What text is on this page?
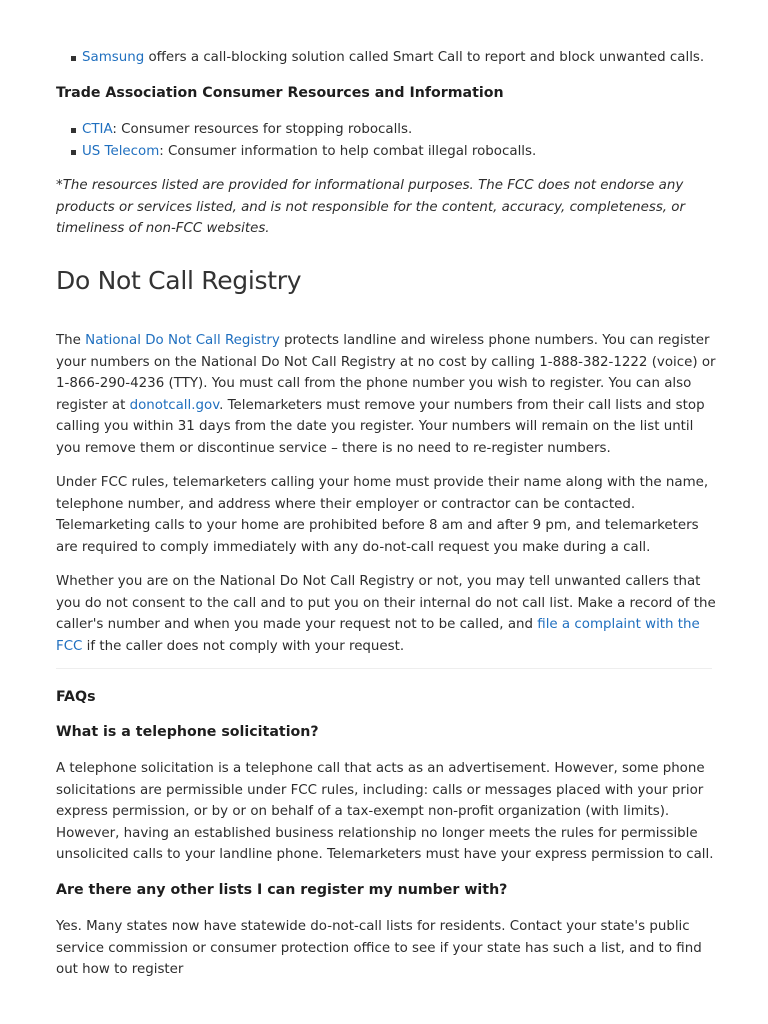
Samsung offers a call-blocking solution called Smart Call to report and block unwanted calls.
Trade Association Consumer Resources and Information
CTIA: Consumer resources for stopping robocalls.
US Telecom: Consumer information to help combat illegal robocalls.

*The resources listed are provided for informational purposes. The FCC does not endorse any products or services listed, and is not responsible for the content, accuracy, completeness, or timeliness of non-FCC websites.

Do Not Call Registry

The National Do Not Call Registry protects landline and wireless phone numbers. You can register your numbers on the National Do Not Call Registry at no cost by calling 1-888-382-1222 (voice) or 1-866-290-4236 (TTY). You must call from the phone number you wish to register. You can also register at donotcall.gov. Telemarketers must remove your numbers from their call lists and stop calling you within 31 days from the date you register. Your numbers will remain on the list until you remove them or discontinue service – there is no need to re-register numbers.

Under FCC rules, telemarketers calling your home must provide their name along with the name, telephone number, and address where their employer or contractor can be contacted. Telemarketing calls to your home are prohibited before 8 am and after 9 pm, and telemarketers are required to comply immediately with any do-not-call request you make during a call.

Whether you are on the National Do Not Call Registry or not, you may tell unwanted callers that you do not consent to the call and to put you on their internal do not call list. Make a record of the caller's number and when you made your request not to be called, and file a complaint with the FCC if the caller does not comply with your request.

FAQs
What is a telephone solicitation?

A telephone solicitation is a telephone call that acts as an advertisement. However, some phone solicitations are permissible under FCC rules, including: calls or messages placed with your prior express permission, or by or on behalf of a tax-exempt non-profit organization (with limits). However, having an established business relationship no longer meets the rules for permissible unsolicited calls to your landline phone. Telemarketers must have your express permission to call.

Are there any other lists I can register my number with?

Yes. Many states now have statewide do-not-call lists for residents. Contact your state's public service commission or consumer protection office to see if your state has such a list, and to find out how to register
